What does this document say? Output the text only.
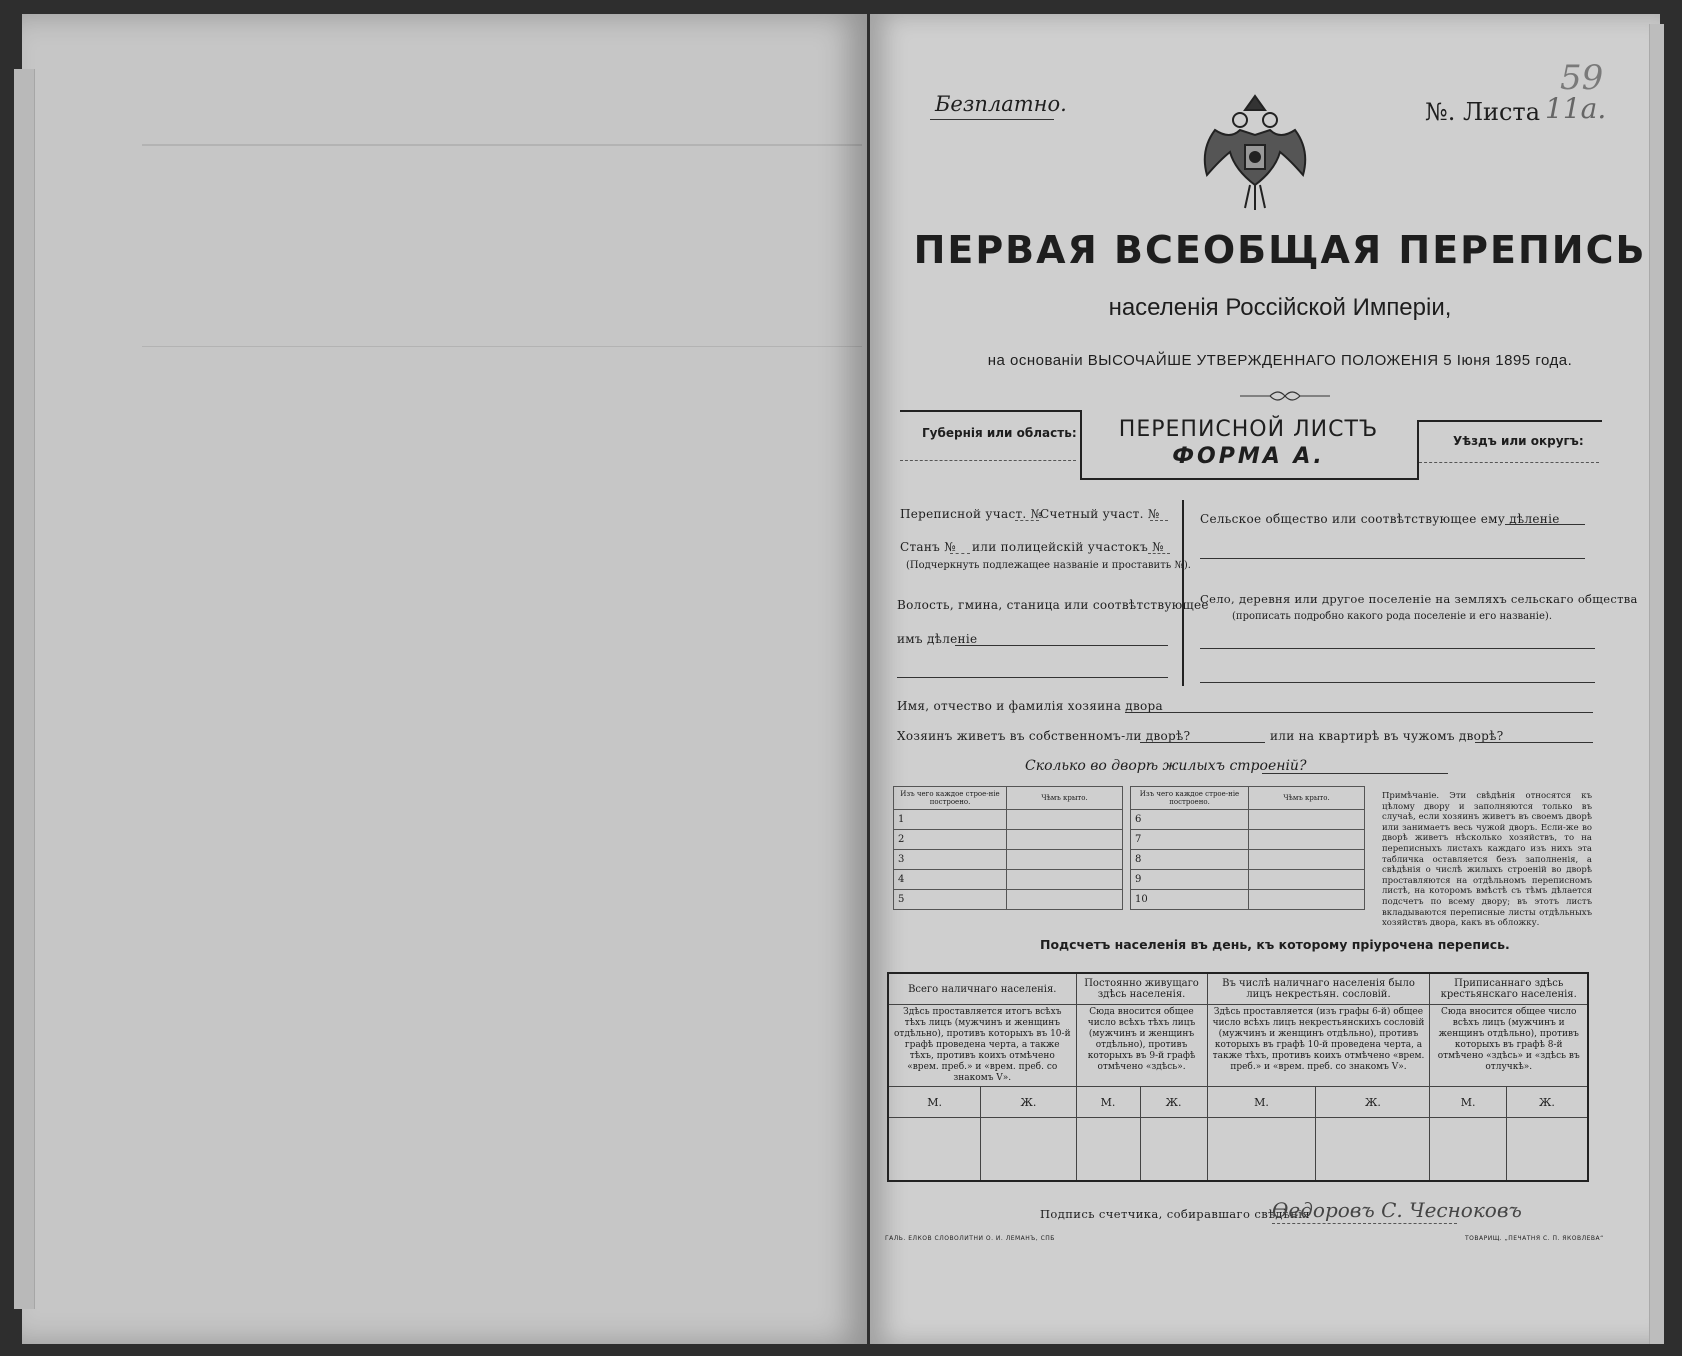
Безплатно.	№. Листа 11а.
59
ПЕРВАЯ ВСЕОБЩАЯ ПЕРЕПИСЬ
населенія Россійской Имперіи,
на основаніи ВЫСОЧАЙШЕ УТВЕРЖДЕННАГО ПОЛОЖЕНІЯ 5 Іюня 1895 года.
Губернія или область:	ПЕРЕПИСНОЙ ЛИСТЪ
ФОРМА А.
Уѣздъ или округъ:
Переписной участ. №
Счетный участ. №
Станъ № или полицейскій участокъ №
(Подчеркнуть подлежащее названіе и проставить №).
Волость, гмина, станица или соотвѣтствующее
имъ дѣленіе
Сельское общество или соотвѣтствующее ему дѣленіе
Село, деревня или другое поселеніе на земляхъ сельскаго общества
(прописать подробно какого рода поселеніе и его названіе).
Имя, отчество и фамилія хозяина двора
Хозяинъ живетъ въ собственномъ-ли дворѣ?	или на квартирѣ въ чужомъ дворѣ?
Сколько во дворѣ жилыхъ строеній?
Изъ чего каждое строе-ніе построено.	Чѣмъ крыто.
1	
2	
3	
4	
5	
Изъ чего каждое строе-ніе построено.	Чѣмъ крыто.
6	
7	
8	
9	
10	
Примѣчаніе. Эти свѣдѣнія относятся къ цѣлому двору и заполняются только въ случаѣ, если хозяинъ живетъ въ своемъ дворѣ или занимаетъ весь чужой дворъ. Если-же во дворѣ живетъ нѣсколько хозяйствъ, то на переписныхъ листахъ каждаго изъ нихъ эта табличка оставляется безъ заполненія, а свѣдѣнія о числѣ жилыхъ строеній во дворѣ проставляются на отдѣльномъ переписномъ листѣ, на которомъ вмѣстѣ съ тѣмъ дѣлается подсчетъ по всему двору; въ этотъ листъ вкладываются переписные листы отдѣльныхъ хозяйствъ двора, какъ въ обложку.
Подсчетъ населенія въ день, къ которому пріурочена перепись.
Всего наличнаго населенія.		Постоянно живущаго здѣсь населенія.		Въ числѣ наличнаго населенія было лицъ некрестьян. сословій.		Приписаннаго здѣсь крестьянскаго населенія.	
Здѣсь проставляется итогъ всѣхъ тѣхъ лицъ (мужчинъ и женщинъ отдѣльно), противъ которыхъ въ 10-й графѣ проведена черта, а также тѣхъ, противъ коихъ отмѣчено «врем. преб.» и «врем. преб. со знакомъ V».		Сюда вносится общее число всѣхъ тѣхъ лицъ (мужчинъ и женщинъ отдѣльно), противъ которыхъ въ 9-й графѣ отмѣчено «здѣсь».		Здѣсь проставляется (изъ графы 6-й) общее число всѣхъ лицъ некрестьянскихъ сословій (мужчинъ и женщинъ отдѣльно), противъ которыхъ въ графѣ 10-й проведена черта, а также тѣхъ, противъ коихъ отмѣчено «врем. преб.» и «врем. преб. со знакомъ V».		Сюда вносится общее число всѣхъ лицъ (мужчинъ и женщинъ отдѣльно), противъ которыхъ въ графѣ 8-й отмѣчено «здѣсь» и «здѣсь въ отлучкѣ».	
М.	Ж.	М.	Ж.	М.	Ж.	М.	Ж.

Подпись счетчика, собиравшаго свѣдѣнія
Ѳедоровъ С. Чесноковъ
ГАЛЬ. ЕЛКОВ СЛОВОЛИТНИ О. И. ЛЕМАНЪ, СПБ	ТОВАРИЩ. „ПЕЧАТНЯ С. П. ЯКОВЛЕВА“
